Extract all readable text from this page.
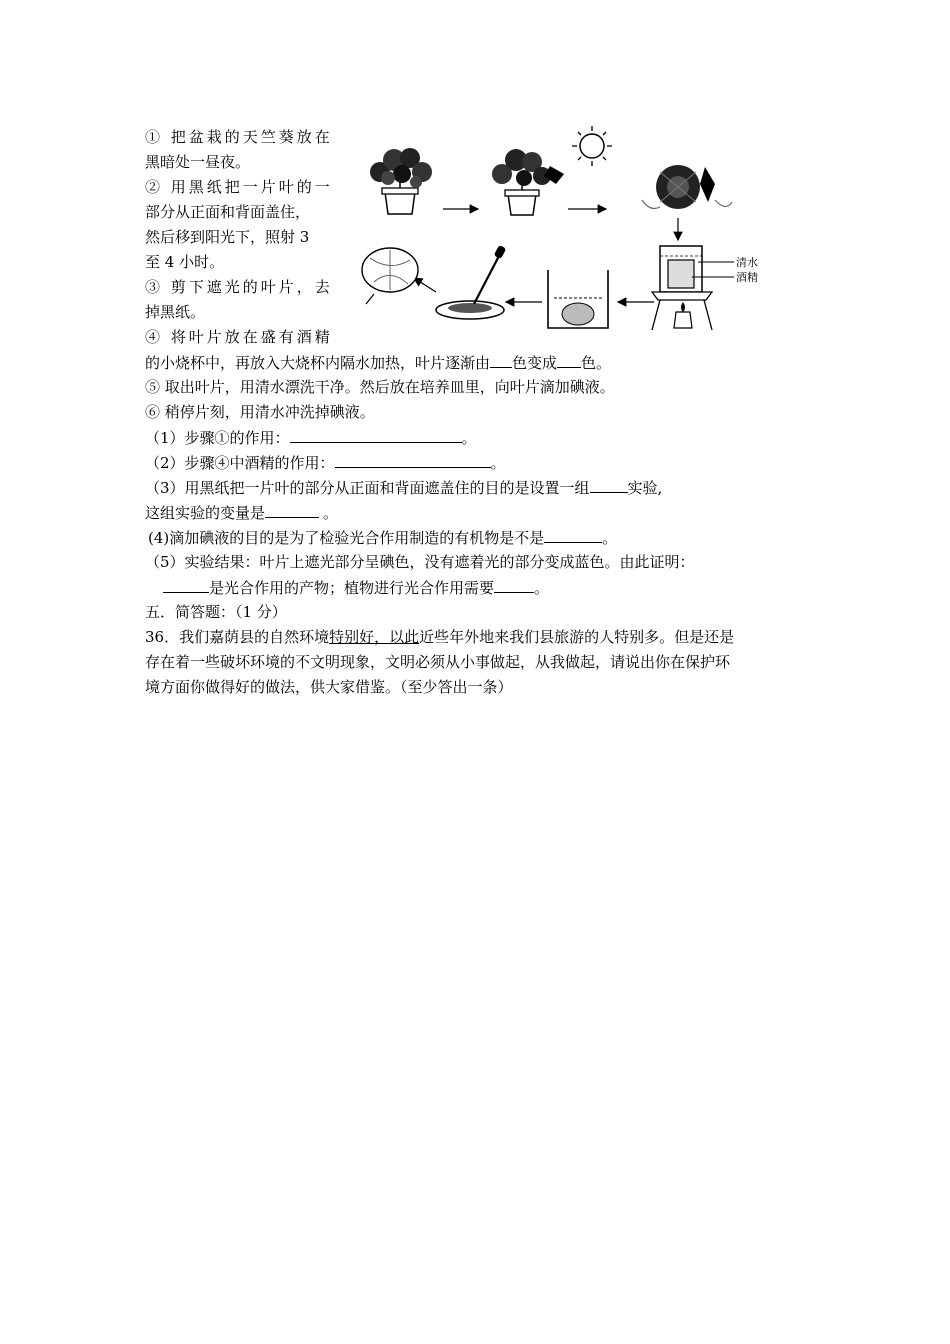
① 把盆栽的天竺葵放在
黑暗处一昼夜。
② 用黑纸把一片叶的一
部分从正面和背面盖住，
然后移到阳光下，照射 3
至 4 小时。
③ 剪下遮光的叶片，去
掉黑纸。
④ 将叶片放在盛有酒精
清水
酒精
的小烧杯中，再放入大烧杯内隔水加热，叶片逐渐由 色变成 色。
⑤ 取出叶片，用清水漂洗干净。然后放在培养皿里，向叶片滴加碘液。
⑥ 稍停片刻，用清水冲洗掉碘液。
（1）步骤①的作用：	。
（2）步骤④中酒精的作用：	。
（3）用黑纸把一片叶的部分从正面和背面遮盖住的目的是设置一组	实验,
这组实验的变量是	。
(4)滴加碘液的目的是为了检验光合作用制造的有机物是不是	。
（5）实验结果：叶片上遮光部分呈碘色，没有遮着光的部分变成蓝色。由此证明：
是光合作用的产物；植物进行光合作用需要	。
五．简答题：（1 分）
36．我们嘉荫县的自然环境特别好，以此近些年外地来我们县旅游的人特别多。但是还是
存在着一些破坏环境的不文明现象，文明必须从小事做起，从我做起，请说出你在保护环
境方面你做得好的做法，供大家借鉴。（至少答出一条）
